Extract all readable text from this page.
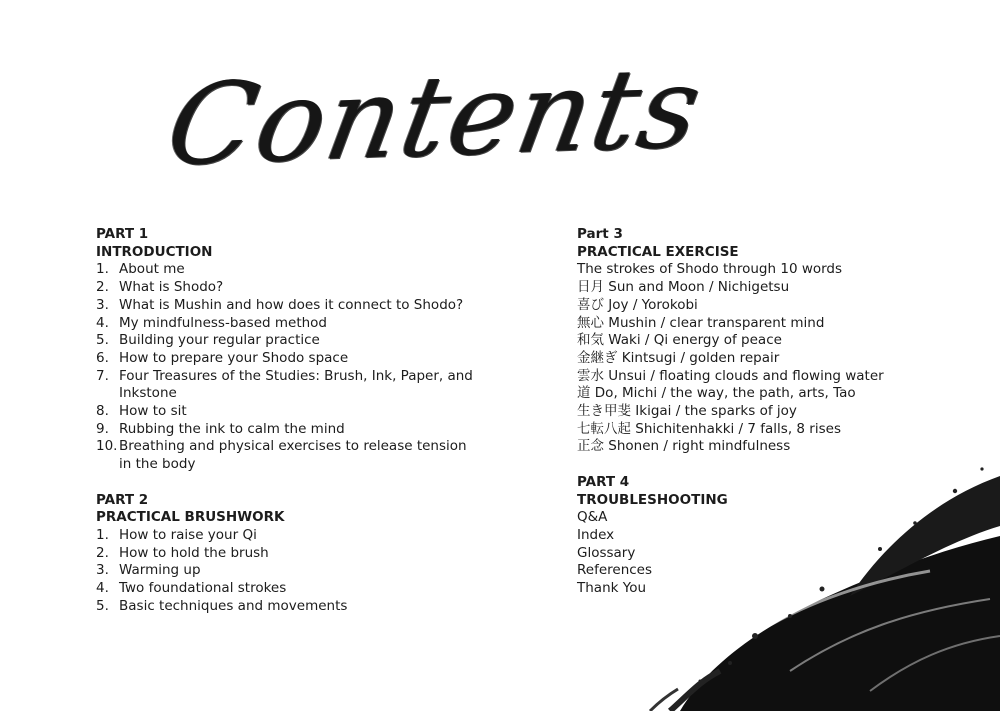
Contents
PART 1
INTRODUCTION
1. About me
2. What is Shodo?
3. What is Mushin and how does it connect to Shodo?
4. My mindfulness-based method
5. Building your regular practice
6. How to prepare your Shodo space
7. Four Treasures of the Studies: Brush, Ink, Paper, and Inkstone
8. How to sit
9. Rubbing the ink to calm the mind
10. Breathing and physical exercises to release tension in the body
PART 2
PRACTICAL BRUSHWORK
1. How to raise your Qi
2. How to hold the brush
3. Warming up
4. Two foundational strokes
5. Basic techniques and movements
Part 3
PRACTICAL EXERCISE
The strokes of Shodo through 10 words
日月 Sun and Moon / Nichigetsu
喜び Joy / Yorokobi
無心 Mushin / clear transparent mind
和気 Waki / Qi energy of peace
金継ぎ Kintsugi / golden repair
雲水 Unsui / floating clouds and flowing water
道 Do, Michi / the way, the path, arts, Tao
生き甲斐 Ikigai / the sparks of joy
七転八起 Shichitenhakki / 7 falls, 8 rises
正念 Shonen / right mindfulness
PART 4
TROUBLESHOOTING
Q&A
Index
Glossary
References
Thank You
